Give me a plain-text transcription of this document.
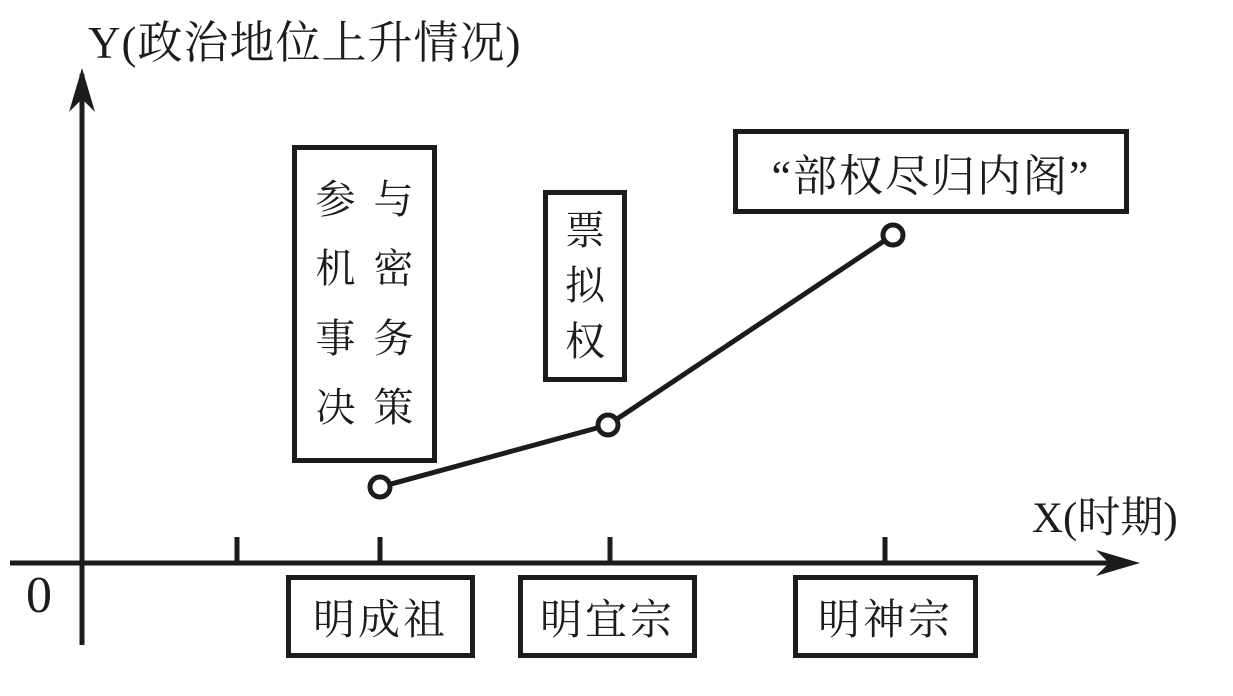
Y(政治地位上升情况)
X(时期)
0
参与
机密
事务
决策
票
拟
权
“部权尽归内阁”
明成祖 明宜宗	明神宗
